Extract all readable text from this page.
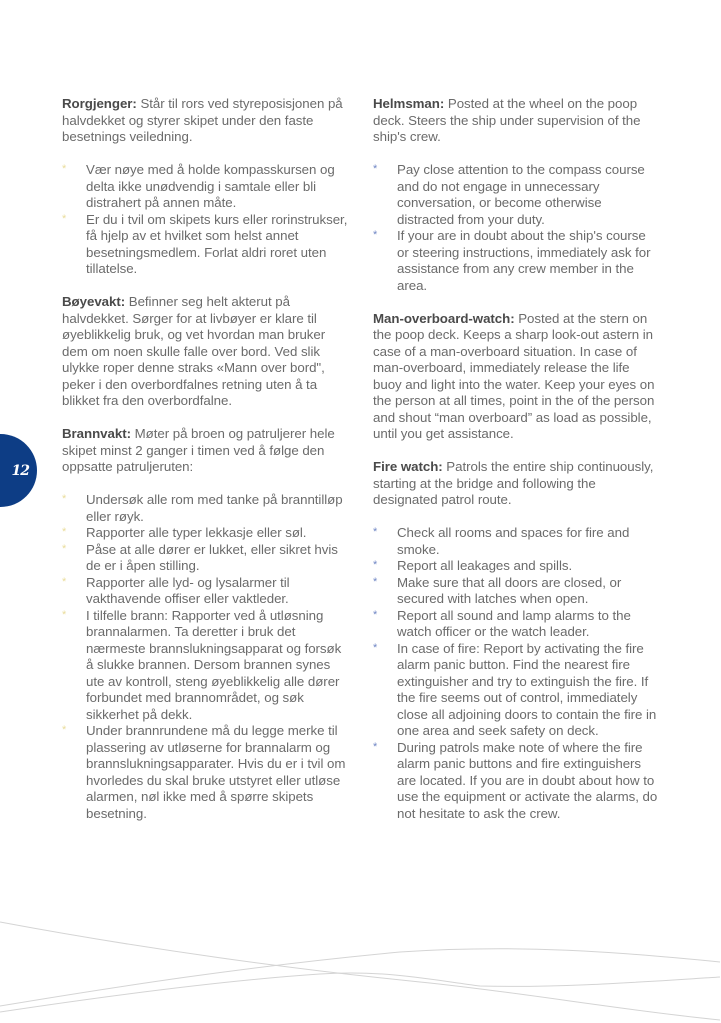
12

Rorgjenger: Står til rors ved styreposisjonen på halvdekket og styrer skipet under den faste besetnings veiledning.

* Vær nøye med å holde kompasskursen og delta ikke unødvendig i samtale eller bli distrahert på annen måte.
* Er du i tvil om skipets kurs eller rorinstrukser, få hjelp av et hvilket som helst annet besetningsmedlem. Forlat aldri roret uten tillatelse.

Bøyevakt: Befinner seg helt akterut på halvdekket. Sørger for at livbøyer er klare til øyeblikkelig bruk, og vet hvordan man bruker dem om noen skulle falle over bord. Ved slik ulykke roper denne straks «Mann over bord", peker i den overbordfalnes retning uten å ta blikket fra den overbordfalne.

Brannvakt: Møter på broen og patruljerer hele skipet minst 2 ganger i timen ved å følge den oppsatte patruljeruten:

* Undersøk alle rom med tanke på branntilløp eller røyk.
* Rapporter alle typer lekkasje eller søl.
* Påse at alle dører er lukket, eller sikret hvis de er i åpen stilling.
* Rapporter alle lyd- og lysalarmer til vakthavende offiser eller vaktleder.
* I tilfelle brann: Rapporter ved å utløsning brannalarmen. Ta deretter i bruk det nærmeste brannslukningsapparat og forsøk å slukke brannen. Dersom brannen synes ute av kontroll, steng øyeblikkelig alle dører forbundet med brannområdet, og søk sikkerhet på dekk.
* Under brannrundene må du legge merke til plassering av utløserne for brannalarm og brannslukningsapparater. Hvis du er i tvil om hvorledes du skal bruke utstyret eller utløse alarmen, nøl ikke med å spørre skipets besetning.

Helmsman: Posted at the wheel on the poop deck. Steers the ship under supervision of the ship's crew.

* Pay close attention to the compass course and do not engage in unnecessary conversation, or become otherwise distracted from your duty.
* If your are in doubt about the ship's course or steering instructions, immediately ask for assistance from any crew member in the area.

Man-overboard-watch: Posted at the stern on the poop deck. Keeps a sharp look-out astern in case of a man-overboard situation. In case of man-overboard, immediately release the life buoy and light into the water. Keep your eyes on the person at all times, point in the of the person and shout “man overboard” as load as possible, until you get assistance.

Fire watch: Patrols the entire ship continuously, starting at the bridge and following the designated patrol route.

* Check all rooms and spaces for fire and smoke.
* Report all leakages and spills.
* Make sure that all doors are closed, or secured with latches when open.
* Report all sound and lamp alarms to the watch officer or the watch leader.
* In case of fire: Report by activating the fire alarm panic button. Find the nearest fire extinguisher and try to extinguish the fire. If the fire seems out of control, immediately close all adjoining doors to contain the fire in one area and seek safety on deck.
* During patrols make note of where the fire alarm panic buttons and fire extinguishers are located. If you are in doubt about how to use the equipment or activate the alarms, do not hesitate to ask the crew.
